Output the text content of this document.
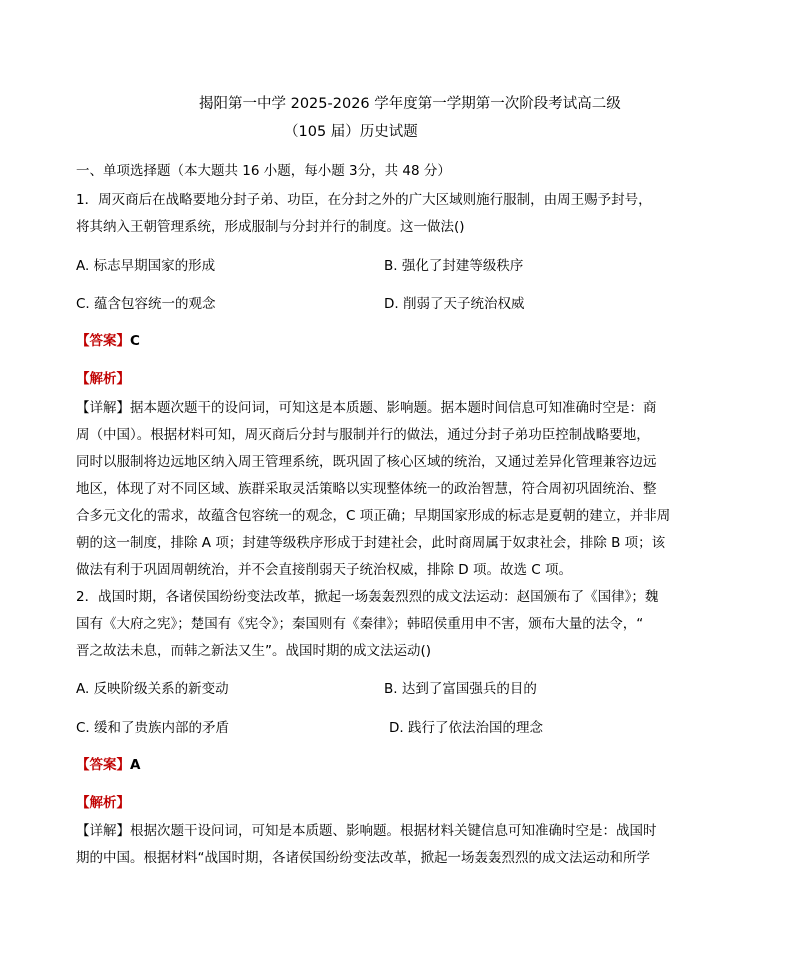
揭阳第一中学 2025-2026 学年度第一学期第一次阶段考试高二级
（105 届）历史试题
一、单项选择题（本大题共 16 小题，每小题 3分，共 48 分）
1．周灭商后在战略要地分封子弟、功臣，在分封之外的广大区域则施行服制，由周王赐予封号，
将其纳入王朝管理系统，形成服制与分封并行的制度。这一做法()
A. 标志早期国家的形成	B. 强化了封建等级秩序
C. 蕴含包容统一的观念	D. 削弱了天子统治权威
【答案】C
【解析】
【详解】据本题次题干的设问词，可知这是本质题、影响题。据本题时间信息可知准确时空是：商
周（中国）。根据材料可知，周灭商后分封与服制并行的做法，通过分封子弟功臣控制战略要地，
同时以服制将边远地区纳入周王管理系统，既巩固了核心区域的统治，又通过差异化管理兼容边远
地区，体现了对不同区域、族群采取灵活策略以实现整体统一的政治智慧，符合周初巩固统治、整
合多元文化的需求，故蕴含包容统一的观念，C 项正确；早期国家形成的标志是夏朝的建立，并非周
朝的这一制度，排除 A 项；封建等级秩序形成于封建社会，此时商周属于奴隶社会，排除 B 项；该
做法有利于巩固周朝统治，并不会直接削弱天子统治权威，排除 D 项。故选 C 项。
2．战国时期，各诸侯国纷纷变法改革，掀起一场轰轰烈烈的成文法运动：赵国颁布了《国律》；魏
国有《大府之宪》；楚国有《宪令》；秦国则有《秦律》；韩昭侯重用申不害，颁布大量的法令，“
晋之故法未息，而韩之新法又生”。战国时期的成文法运动()
A. 反映阶级关系的新变动	B. 达到了富国强兵的目的
C. 缓和了贵族内部的矛盾	D. 践行了依法治国的理念
【答案】A
【解析】
【详解】根据次题干设问词，可知是本质题、影响题。根据材料关键信息可知准确时空是：战国时
期的中国。根据材料“战国时期，各诸侯国纷纷变法改革，掀起一场轰轰烈烈的成文法运动和所学
